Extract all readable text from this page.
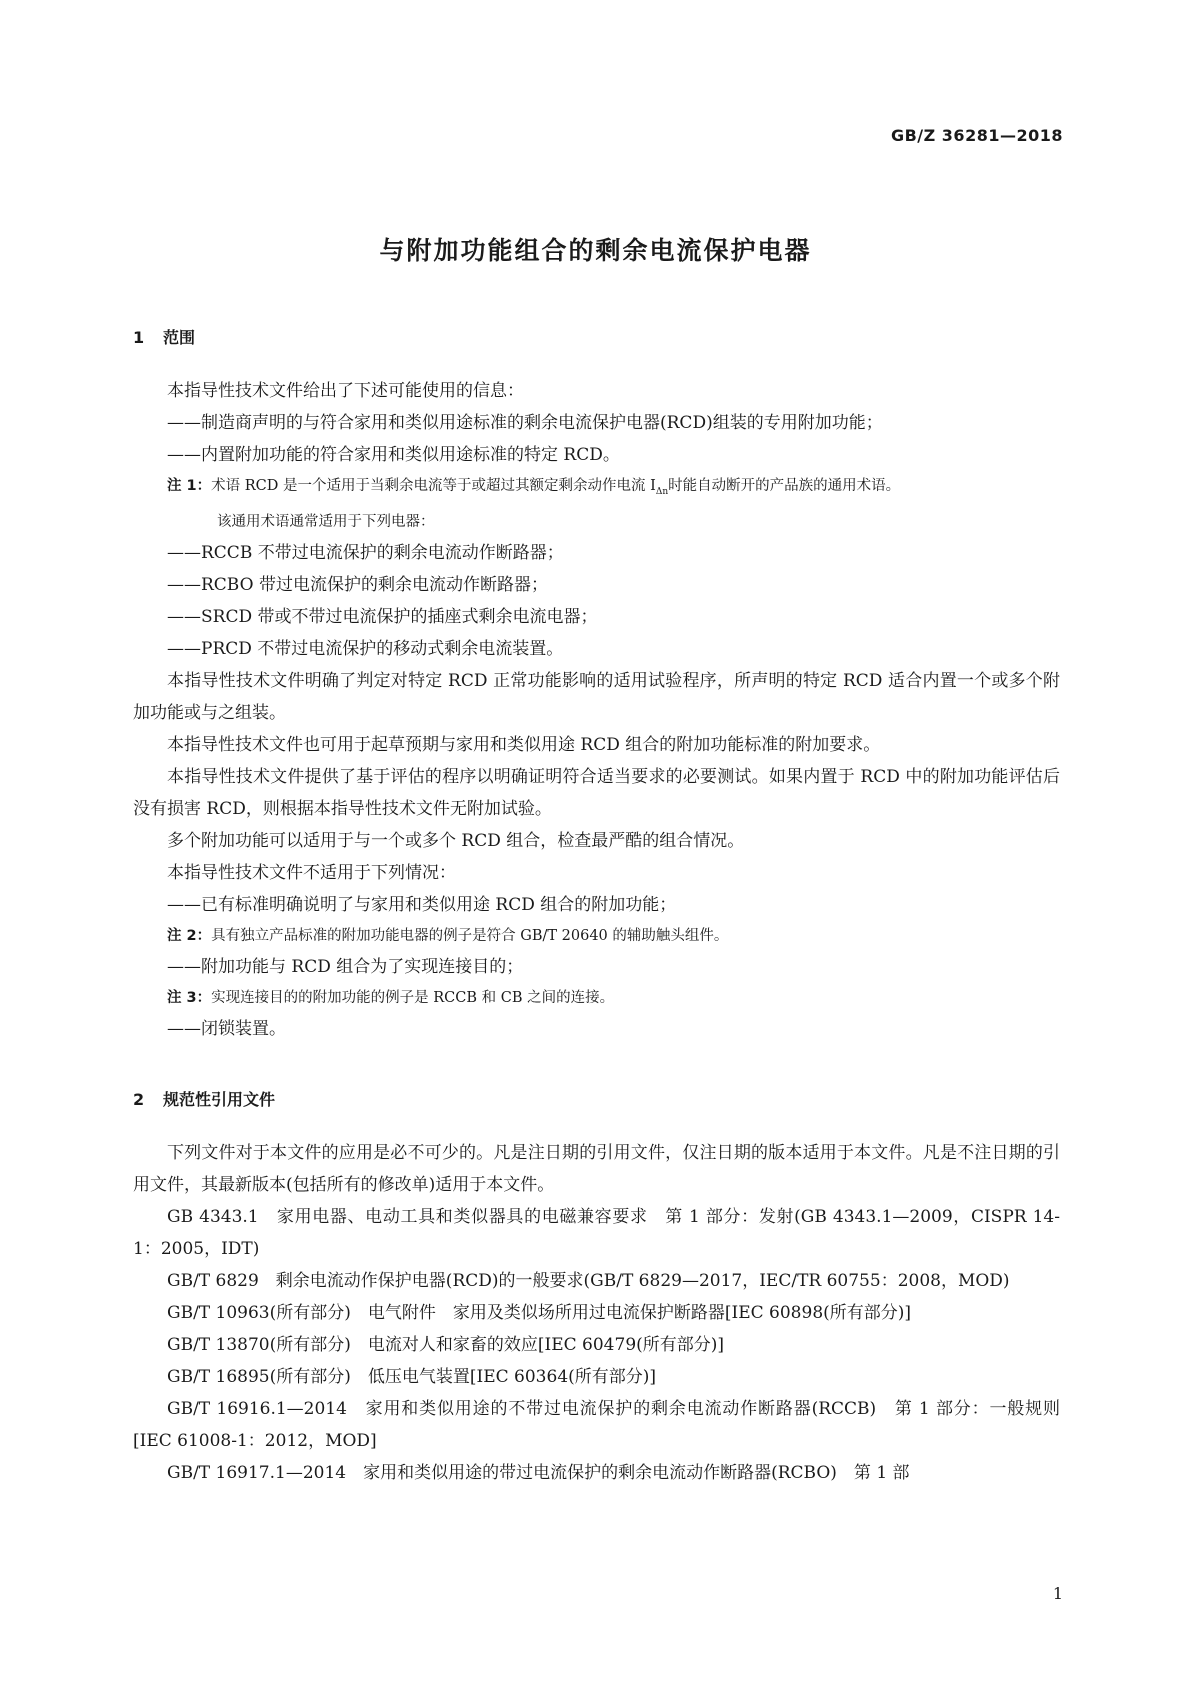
GB/Z 36281—2018
与附加功能组合的剩余电流保护电器
1 范围
本指导性技术文件给出了下述可能使用的信息：
——制造商声明的与符合家用和类似用途标准的剩余电流保护电器(RCD)组装的专用附加功能；
——内置附加功能的符合家用和类似用途标准的特定 RCD。
注 1：术语 RCD 是一个适用于当剩余电流等于或超过其额定剩余动作电流 $I_{\Delta n}$时能自动断开的产品族的通用术语。
该通用术语通常适用于下列电器：
——RCCB 不带过电流保护的剩余电流动作断路器；
——RCBO 带过电流保护的剩余电流动作断路器；
——SRCD 带或不带过电流保护的插座式剩余电流电器；
——PRCD 不带过电流保护的移动式剩余电流装置。
本指导性技术文件明确了判定对特定 RCD 正常功能影响的适用试验程序，所声明的特定 RCD 适合内置一个或多个附加功能或与之组装。
本指导性技术文件也可用于起草预期与家用和类似用途 RCD 组合的附加功能标准的附加要求。
本指导性技术文件提供了基于评估的程序以明确证明符合适当要求的必要测试。如果内置于 RCD 中的附加功能评估后没有损害 RCD，则根据本指导性技术文件无附加试验。
多个附加功能可以适用于与一个或多个 RCD 组合，检查最严酷的组合情况。
本指导性技术文件不适用于下列情况：
——已有标准明确说明了与家用和类似用途 RCD 组合的附加功能；
注 2：具有独立产品标准的附加功能电器的例子是符合 GB/T 20640 的辅助触头组件。
——附加功能与 RCD 组合为了实现连接目的；
注 3：实现连接目的的附加功能的例子是 RCCB 和 CB 之间的连接。
——闭锁装置。
2 规范性引用文件
下列文件对于本文件的应用是必不可少的。凡是注日期的引用文件，仅注日期的版本适用于本文件。凡是不注日期的引用文件，其最新版本(包括所有的修改单)适用于本文件。
GB 4343.1　家用电器、电动工具和类似器具的电磁兼容要求　第 1 部分：发射(GB 4343.1—2009，CISPR 14-1：2005，IDT)
GB/T 6829　剩余电流动作保护电器(RCD)的一般要求(GB/T 6829—2017，IEC/TR 60755：2008，MOD)
GB/T 10963(所有部分)　电气附件　家用及类似场所用过电流保护断路器[IEC 60898(所有部分)]
GB/T 13870(所有部分)　电流对人和家畜的效应[IEC 60479(所有部分)]
GB/T 16895(所有部分)　低压电气装置[IEC 60364(所有部分)]
GB/T 16916.1—2014　家用和类似用途的不带过电流保护的剩余电流动作断路器(RCCB)　第 1 部分：一般规则[IEC 61008-1：2012，MOD]
GB/T 16917.1—2014　家用和类似用途的带过电流保护的剩余电流动作断路器(RCBO)　第 1 部
1
